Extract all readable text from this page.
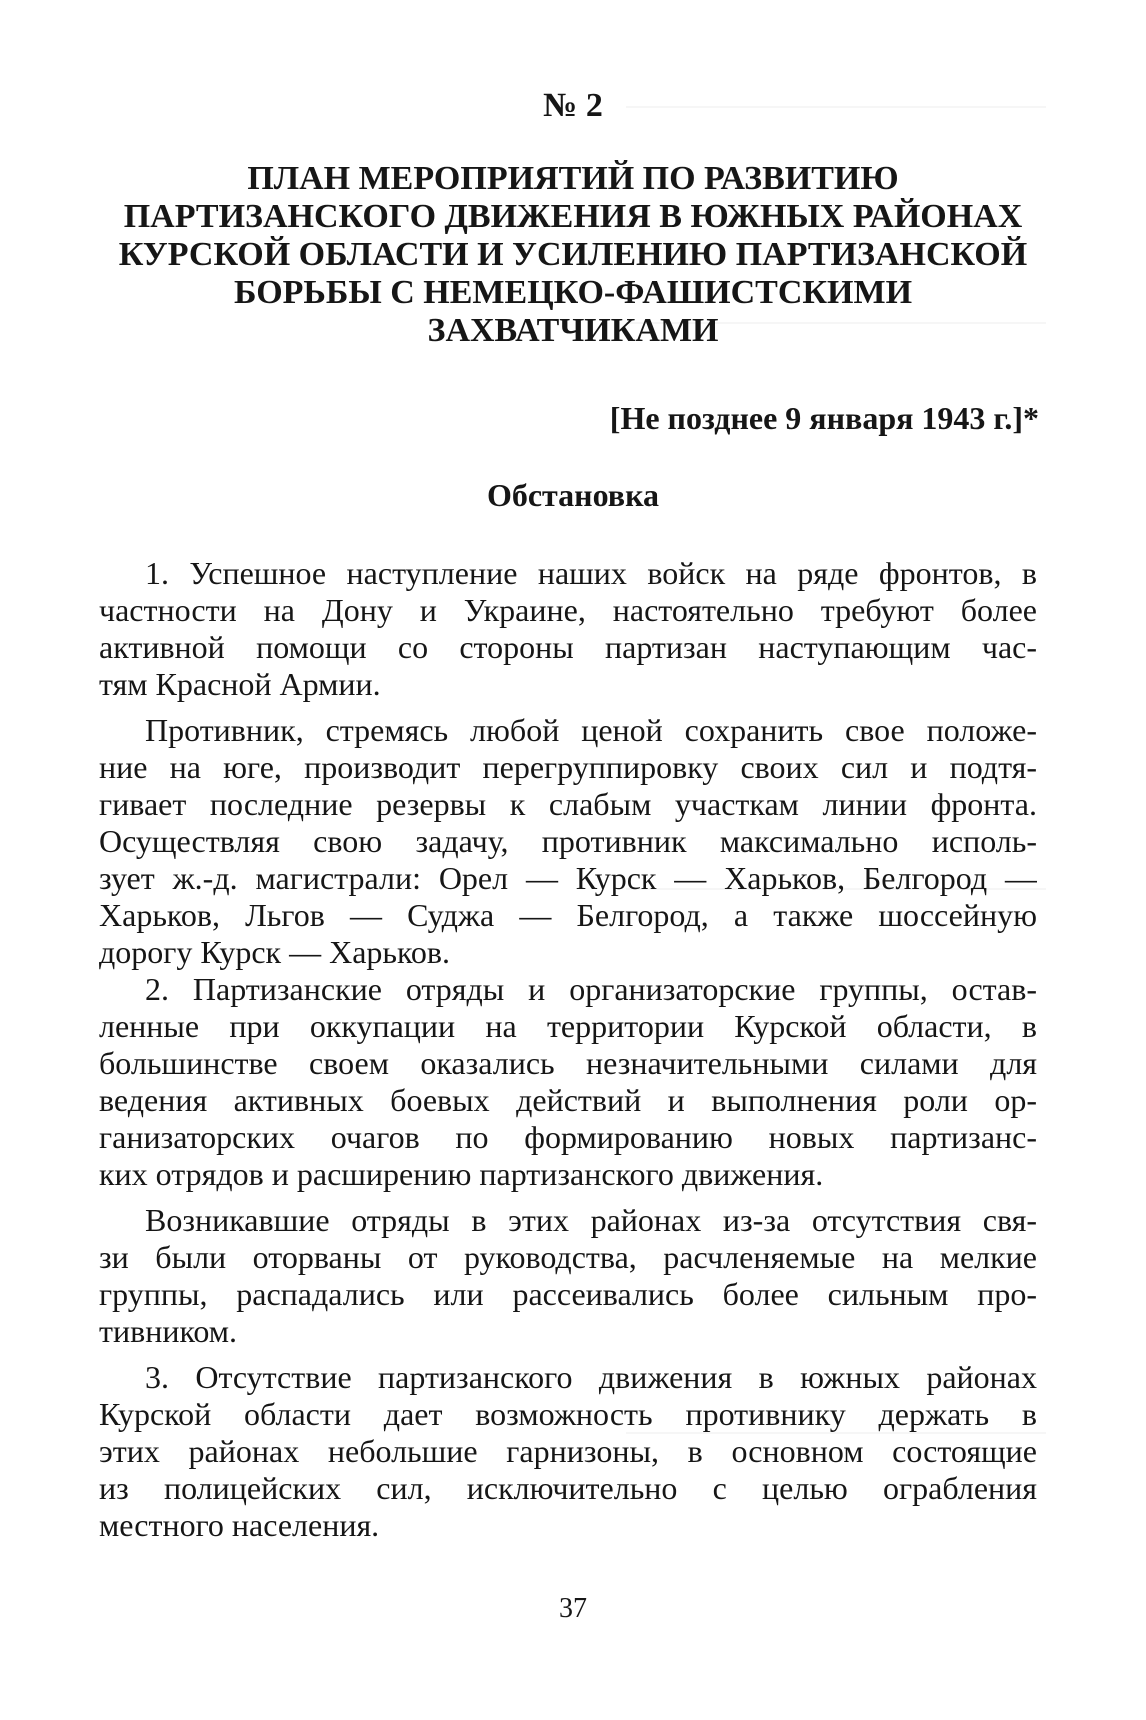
№ 2
ПЛАН МЕРОПРИЯТИЙ ПО РАЗВИТИЮ
ПАРТИЗАНСКОГО ДВИЖЕНИЯ В ЮЖНЫХ РАЙОНАХ
КУРСКОЙ ОБЛАСТИ И УСИЛЕНИЮ ПАРТИЗАНСКОЙ
БОРЬБЫ С НЕМЕЦКО-ФАШИСТСКИМИ
ЗАХВАТЧИКАМИ
[Не позднее 9 января 1943 г.]*
Обстановка
1. Успешное наступление наших войск на ряде фронтов, в
частности на Дону и Украине, настоятельно требуют более
активной помощи со стороны партизан наступающим час-
тям Красной Армии.
Противник, стремясь любой ценой сохранить свое положе-
ние на юге, производит перегруппировку своих сил и подтя-
гивает последние резервы к слабым участкам линии фронта.
Осуществляя свою задачу, противник максимально исполь-
зует ж.-д. магистрали: Орел — Курск — Харьков, Белгород —
Харьков, Льгов — Суджа — Белгород, а также шоссейную
дорогу Курск — Харьков.
2. Партизанские отряды и организаторские группы, остав-
ленные при оккупации на территории Курской области, в
большинстве своем оказались незначительными силами для
ведения активных боевых действий и выполнения роли ор-
ганизаторских очагов по формированию новых партизанс-
ких отрядов и расширению партизанского движения.
Возникавшие отряды в этих районах из-за отсутствия свя-
зи были оторваны от руководства, расчленяемые на мелкие
группы, распадались или рассеивались более сильным про-
тивником.
3. Отсутствие партизанского движения в южных районах
Курской области дает возможность противнику держать в
этих районах небольшие гарнизоны, в основном состоящие
из полицейских сил, исключительно с целью ограбления
местного населения.
37
